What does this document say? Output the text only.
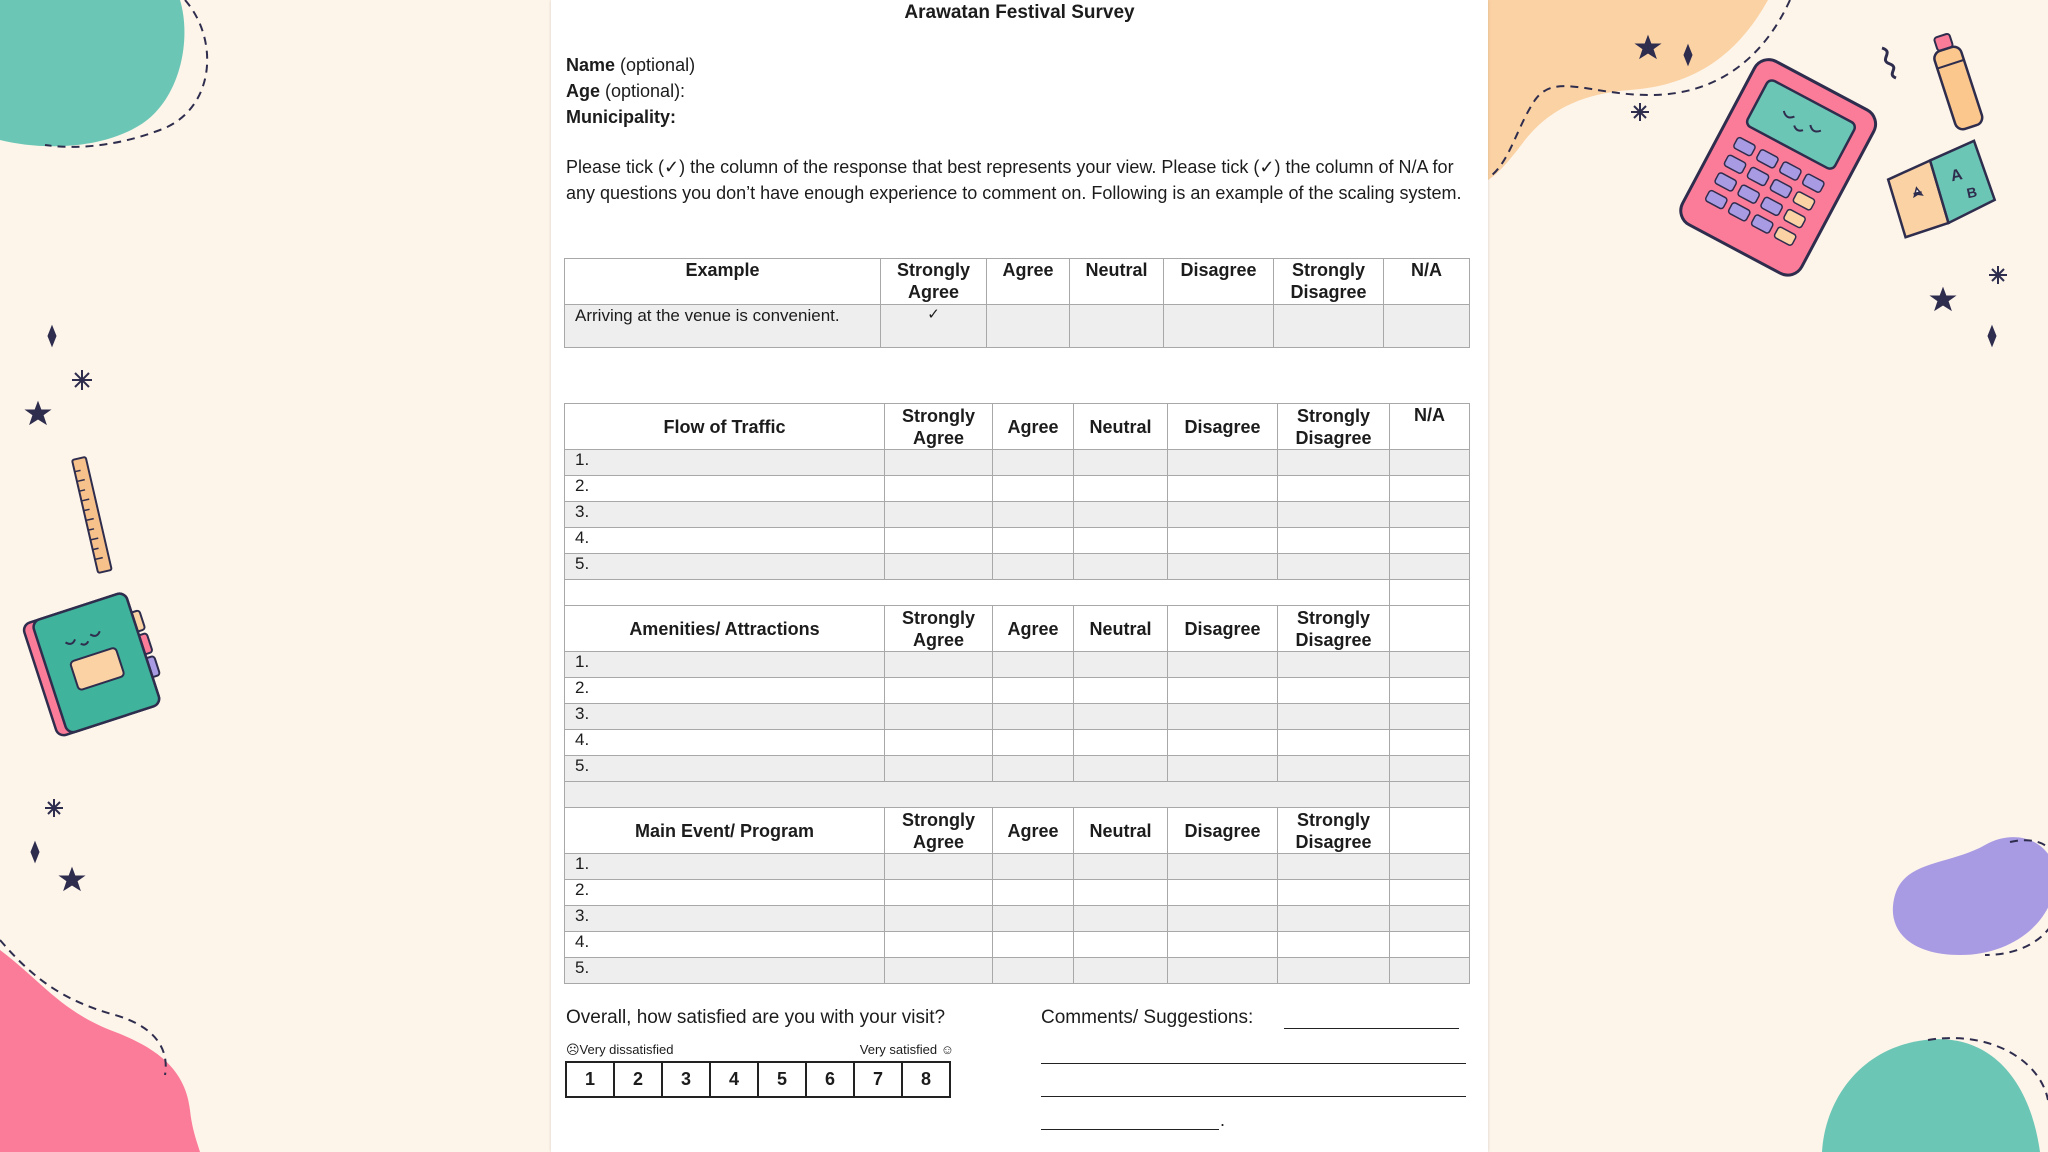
A
B
Arawatan Festival Survey
Name (optional)
Age (optional):
Municipality:
Please tick (✓) the column of the response that best represents your view. Please tick (✓) the column of N/A for any questions you don’t have enough experience to comment on. Following is an example of the scaling system.
Example	Strongly Agree	Agree	Neutral	Disagree	Strongly Disagree	N/A
Arriving at the venue is convenient.	✓					
Flow of Traffic	Strongly Agree	Agree	Neutral	Disagree	Strongly Disagree	N/A
1.						
2.						
3.						
4.						
5.						

Amenities/ Attractions	Strongly Agree	Agree	Neutral	Disagree	Strongly Disagree	
1.						
2.						
3.						
4.						
5.						

Main Event/ Program	Strongly Agree	Agree	Neutral	Disagree	Strongly Disagree	
1.						
2.						
3.						
4.						
5.						
Overall, how satisfied are you with your visit?
☹Very dissatisfied	Very satisfied ☺
1	2	3	4	5	6	7	8
Comments/ Suggestions:
.
